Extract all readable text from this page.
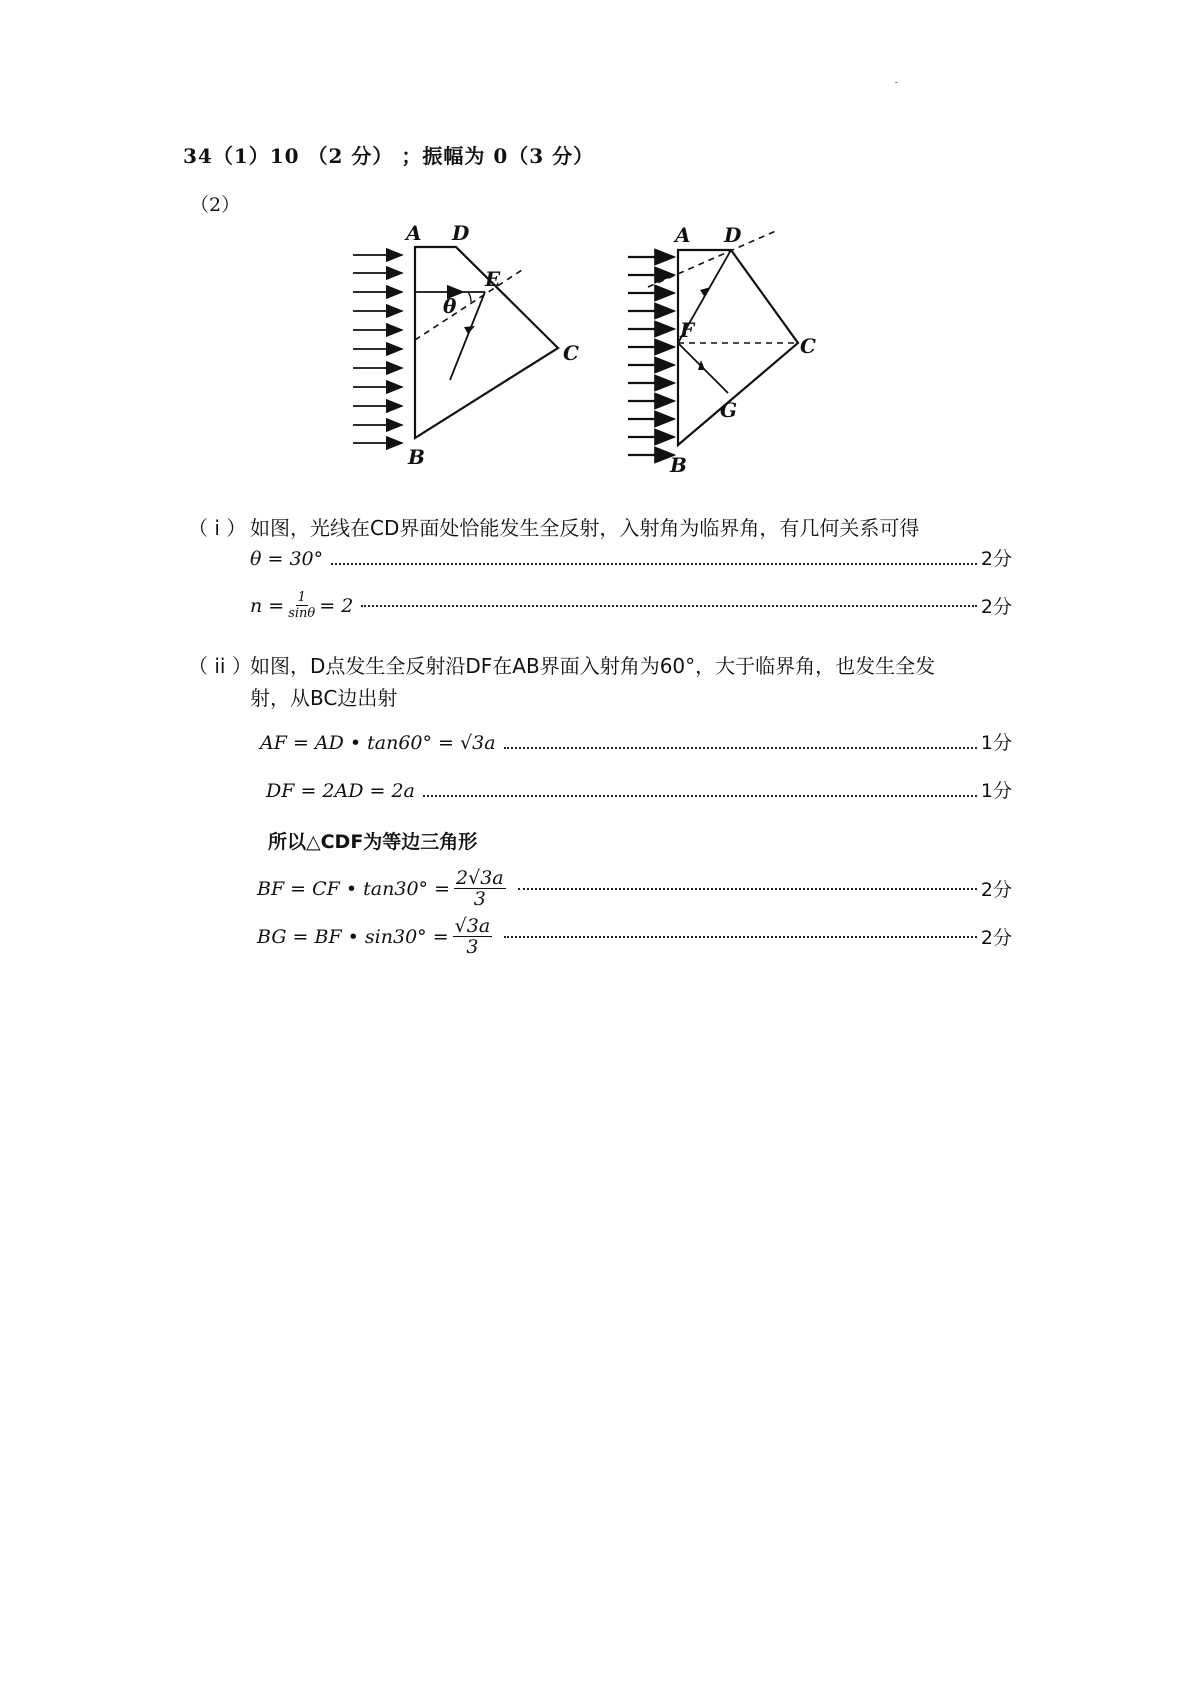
34（1）10 （2 分） ；振幅为 0（3 分）
（2）
A D
E
θ
C
B
A D
F
C
G
B
（ i ） 如图，光线在CD界面处恰能发生全反射，入射角为临界角，有几何关系可得
θ = 30°	2分
$n = \frac{1}{\sin\theta} = 2$	2分
（ ii ）
如图，D点发生全反射沿DF在AB界面入射角为60°，大于临界角，也发生全发
射，从BC边出射
AF = AD • tan60° = √3a	1分
DF = 2AD = 2a	1分
所以△CDF为等边三角形
BF = CF • $\tan 30^\circ = \frac{2√3a}{3}$	2分
BG = BF • $\sin 30^\circ = \frac{√3a}{3}$	2分
